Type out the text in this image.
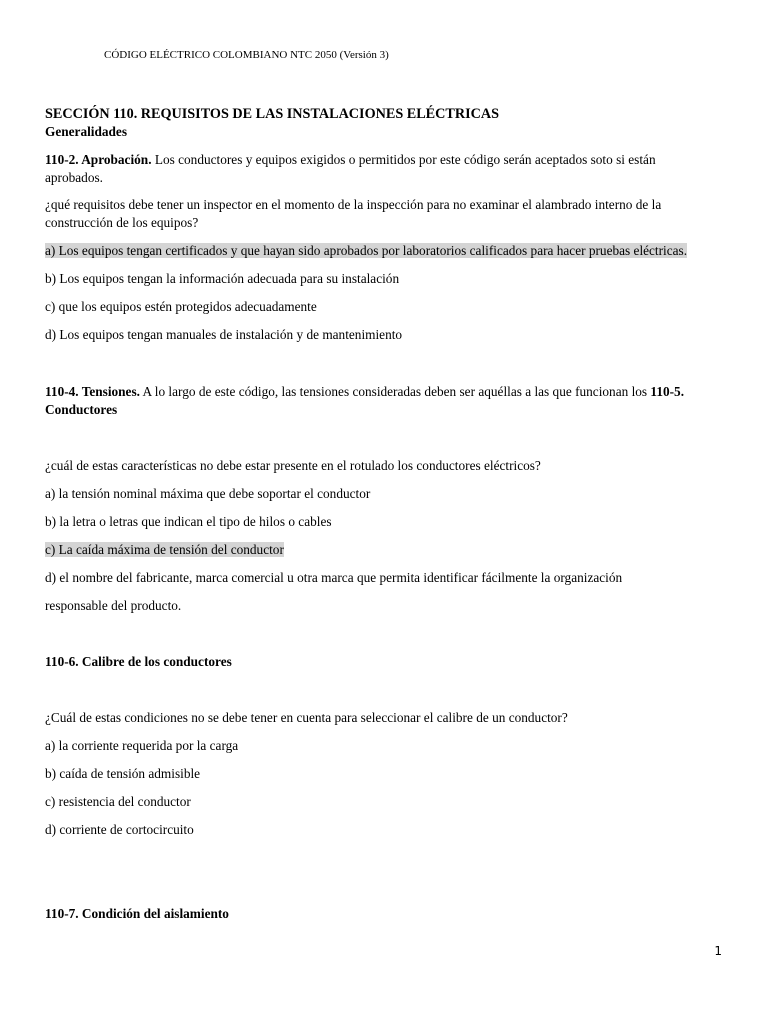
CÓDIGO ELÉCTRICO COLOMBIANO NTC 2050 (Versión 3)
SECCIÓN 110. REQUISITOS DE LAS INSTALACIONES ELÉCTRICAS
Generalidades
110-2. Aprobación. Los conductores y equipos exigidos o permitidos por este código serán aceptados soto si están
aprobados.
¿qué requisitos debe tener un inspector en el momento de la inspección para no examinar el alambrado interno de la
construcción de los equipos?
a) Los equipos tengan certificados y que hayan sido aprobados por laboratorios calificados para hacer pruebas eléctricas.
b) Los equipos tengan la información adecuada para su instalación
c) que los equipos estén protegidos adecuadamente
d) Los equipos tengan manuales de instalación y de mantenimiento
110-4. Tensiones. A lo largo de este código, las tensiones consideradas deben ser aquéllas a las que funcionan los 110-5.
Conductores
¿cuál de estas características no debe estar presente en el rotulado los conductores eléctricos?
a) la tensión nominal máxima que debe soportar el conductor
b) la letra o letras que indican el tipo de hilos o cables
c) La caída máxima de tensión del conductor
d) el nombre del fabricante, marca comercial u otra marca que permita identificar fácilmente la organización
responsable del producto.
110-6. Calibre de los conductores
¿Cuál de estas condiciones no se debe tener en cuenta para seleccionar el calibre de un conductor?
a) la corriente requerida por la carga
b) caída de tensión admisible
c) resistencia del conductor
d) corriente de cortocircuito
110-7. Condición del aislamiento
1
